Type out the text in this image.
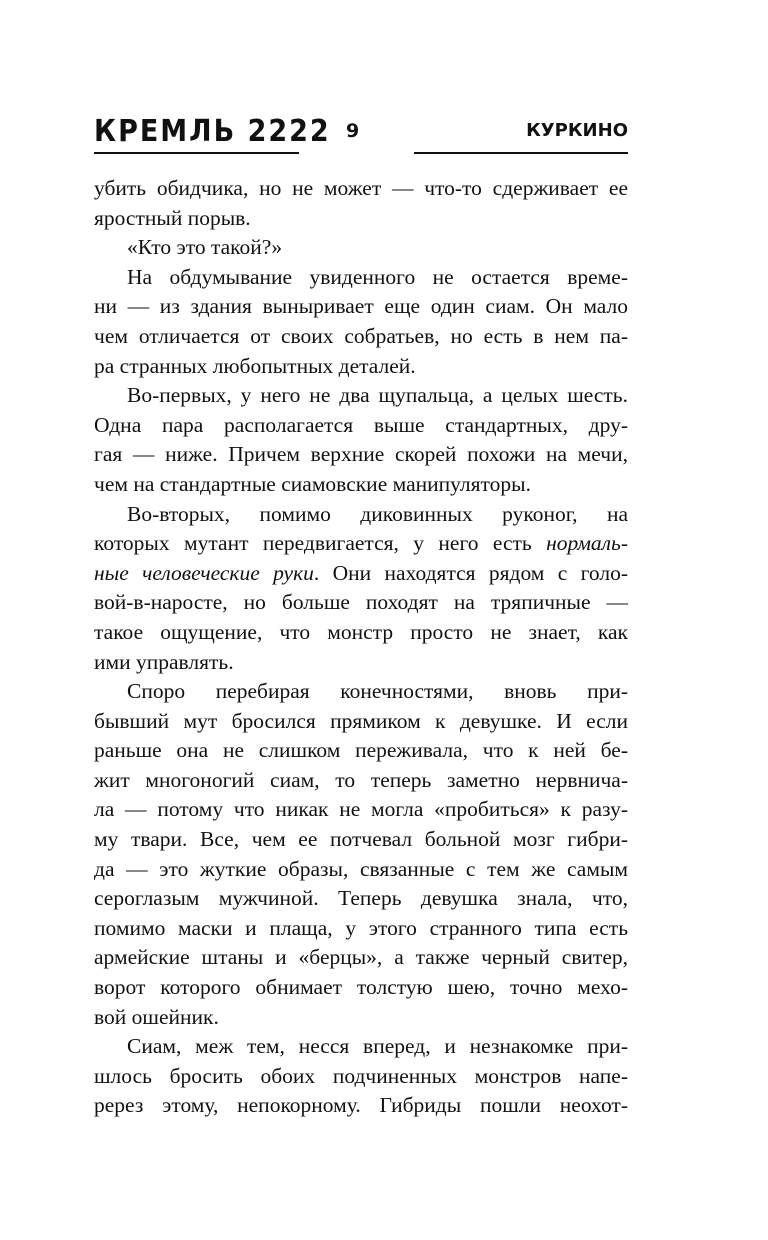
КРЕМЛЬ 2222 9	КУРКИНО
убить обидчика, но не может — что-то сдерживает ее
яростный порыв.
«Кто это такой?»
На обдумывание увиденного не остается време-
ни — из здания выныривает еще один сиам. Он мало
чем отличается от своих собратьев, но есть в нем па-
ра странных любопытных деталей.
Во-первых, у него не два щупальца, а целых шесть.
Одна пара располагается выше стандартных, дру-
гая — ниже. Причем верхние скорей похожи на мечи,
чем на стандартные сиамовские манипуляторы.
Во-вторых, помимо диковинных руконог, на
которых мутант передвигается, у него есть нормаль-
ные человеческие руки. Они находятся рядом с голо-
вой-в-наросте, но больше походят на тряпичные —
такое ощущение, что монстр просто не знает, как
ими управлять.
Споро перебирая конечностями, вновь при-
бывший мут бросился прямиком к девушке. И если
раньше она не слишком переживала, что к ней бе-
жит многоногий сиам, то теперь заметно нервнича-
ла — потому что никак не могла «пробиться» к разу-
му твари. Все, чем ее потчевал больной мозг гибри-
да — это жуткие образы, связанные с тем же самым
сероглазым мужчиной. Теперь девушка знала, что,
помимо маски и плаща, у этого странного типа есть
армейские штаны и «берцы», а также черный свитер,
ворот которого обнимает толстую шею, точно мехо-
вой ошейник.
Сиам, меж тем, несся вперед, и незнакомке при-
шлось бросить обоих подчиненных монстров напе-
ререз этому, непокорному. Гибриды пошли неохот-
